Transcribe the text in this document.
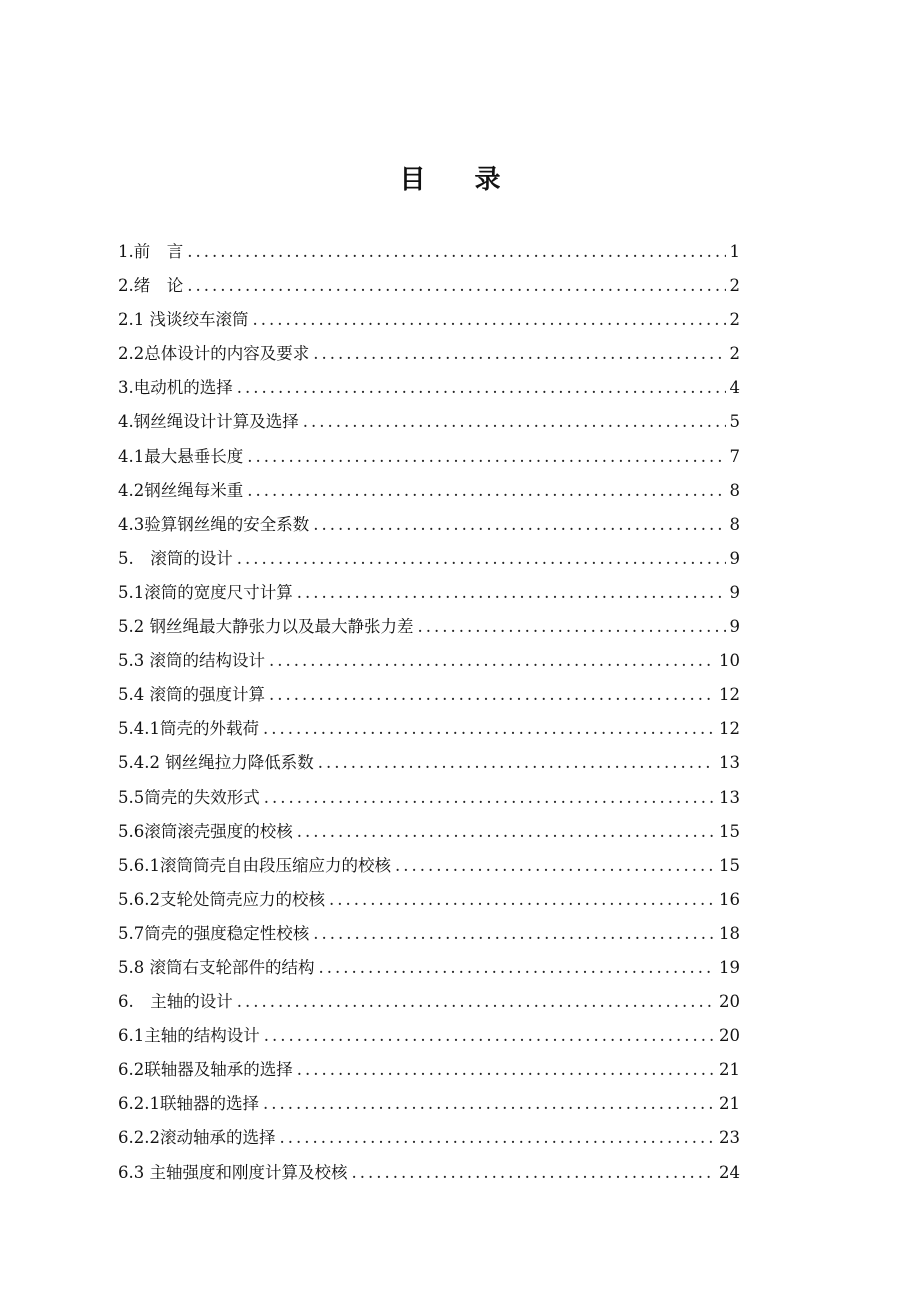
目 录
1.前　言 .....	1
2.绪　论 .....	2
2.1 浅谈绞车滚筒 .....	2
2.2总体设计的内容及要求 .....	2
3.电动机的选择 .....	4
4.钢丝绳设计计算及选择 .....	5
4.1最大悬垂长度 .....	7
4.2钢丝绳每米重 .....	8
4.3验算钢丝绳的安全系数 .....	8
5.　滚筒的设计 .....	9
5.1滚筒的宽度尺寸计算 .....	9
5.2 钢丝绳最大静张力以及最大静张力差 .....	9
5.3 滚筒的结构设计 .....	10
5.4 滚筒的强度计算 .....	12
5.4.1筒壳的外载荷 .....	12
5.4.2 钢丝绳拉力降低系数 .....	13
5.5筒壳的失效形式 .....	13
5.6滚筒滚壳强度的校核 .....	15
5.6.1滚筒筒壳自由段压缩应力的校核 .....	15
5.6.2支轮处筒壳应力的校核 .....	16
5.7筒壳的强度稳定性校核 .....	18
5.8 滚筒右支轮部件的结构 .....	19
6.　主轴的设计 .....	20
6.1主轴的结构设计 .....	20
6.2联轴器及轴承的选择 .....	21
6.2.1联轴器的选择 .....	21
6.2.2滚动轴承的选择 .....	23
6.3 主轴强度和刚度计算及校核 .....	24
